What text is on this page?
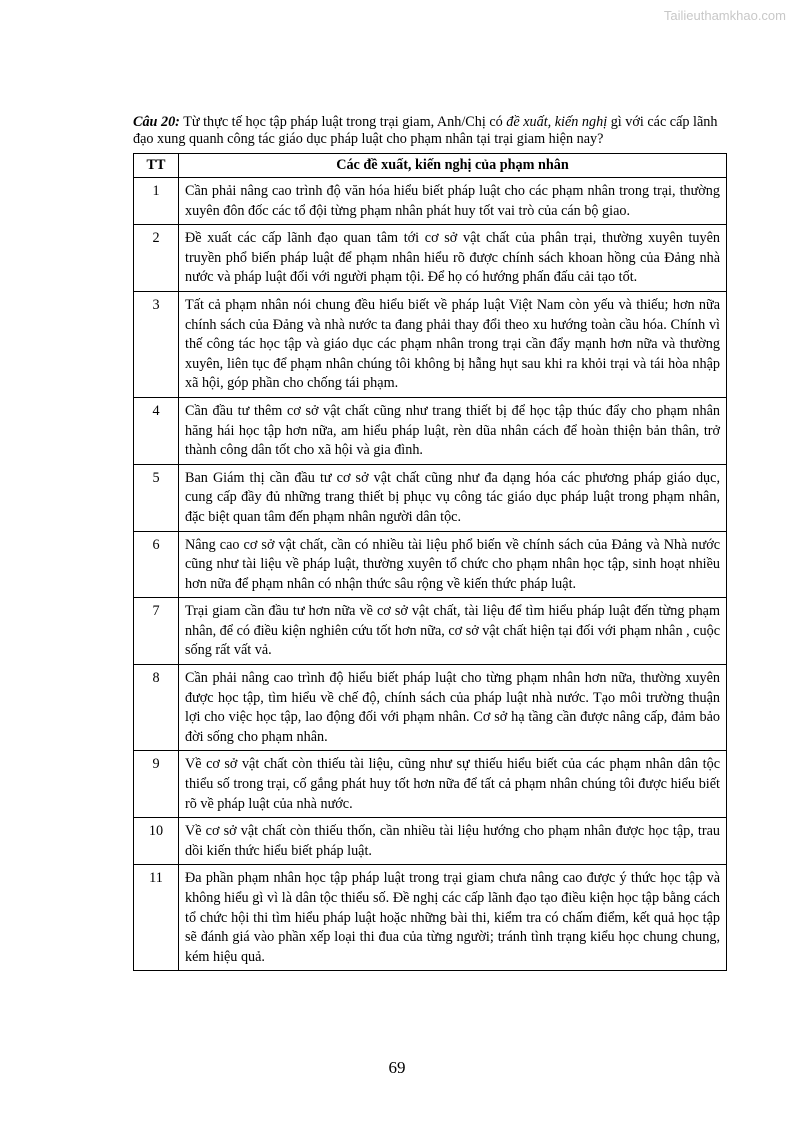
Tailieuthamkhao.com

Câu 20: Từ thực tế học tập pháp luật trong trại giam, Anh/Chị có đề xuất, kiến nghị gì với các cấp lãnh đạo xung quanh công tác giáo dục pháp luật cho phạm nhân tại trại giam hiện nay?

TT	Các đề xuất, kiến nghị của phạm nhân
1	Cần phải nâng cao trình độ văn hóa hiểu biết pháp luật cho các phạm nhân trong trại, thường xuyên đôn đốc các tổ đội từng phạm nhân phát huy tốt vai trò của cán bộ giao.
2	Đề xuất các cấp lãnh đạo quan tâm tới cơ sở vật chất của phân trại, thường xuyên tuyên truyền phổ biến pháp luật để phạm nhân hiểu rõ được chính sách khoan hồng của Đảng nhà nước và pháp luật đối với người phạm tội. Để họ có hướng phấn đấu cải tạo tốt.
3	Tất cả phạm nhân nói chung đều hiểu biết về pháp luật Việt Nam còn yếu và thiếu; hơn nữa chính sách của Đảng và nhà nước ta đang phải thay đổi theo xu hướng toàn cầu hóa. Chính vì thế công tác học tập và giáo dục các phạm nhân trong trại cần đẩy mạnh hơn nữa và thường xuyên, liên tục để phạm nhân chúng tôi không bị hẫng hụt sau khi ra khỏi trại và tái hòa nhập xã hội, góp phần cho chống tái phạm.
4	Cần đầu tư thêm cơ sở vật chất cũng như trang thiết bị để học tập thúc đẩy cho phạm nhân hăng hái học tập hơn nữa, am hiểu pháp luật, rèn dũa nhân cách để hoàn thiện bản thân, trở thành công dân tốt cho xã hội và gia đình.
5	Ban Giám thị cần đầu tư cơ sở vật chất cũng như đa dạng hóa các phương pháp giáo dục, cung cấp đầy đủ những trang thiết bị phục vụ công tác giáo dục pháp luật trong phạm nhân, đặc biệt quan tâm đến phạm nhân người dân tộc.
6	Nâng cao cơ sở vật chất, cần có nhiều tài liệu phổ biến về chính sách của Đảng và Nhà nước cũng như tài liệu về pháp luật, thường xuyên tổ chức cho phạm nhân học tập, sinh hoạt nhiều hơn nữa để phạm nhân có nhận thức sâu rộng về kiến thức pháp luật.
7	Trại giam cần đầu tư hơn nữa về cơ sở vật chất, tài liệu để tìm hiểu pháp luật đến từng phạm nhân, để có điều kiện nghiên cứu tốt hơn nữa, cơ sở vật chất hiện tại đối với phạm nhân , cuộc sống rất vất vả.
8	Cần phải nâng cao trình độ hiểu biết pháp luật cho từng phạm nhân hơn nữa, thường xuyên được học tập, tìm hiểu về chế độ, chính sách của pháp luật nhà nước. Tạo môi trường thuận lợi cho việc học tập, lao động đối với phạm nhân. Cơ sở hạ tầng cần được nâng cấp, đảm bảo đời sống cho phạm nhân.
9	Về cơ sở vật chất còn thiếu tài liệu, cũng như sự thiếu hiểu biết của các phạm nhân dân tộc thiểu số trong trại, cố gắng phát huy tốt hơn nữa để tất cả phạm nhân chúng tôi được hiểu biết rõ về pháp luật của nhà nước.
10	Về cơ sở vật chất còn thiếu thốn, cần nhiều tài liệu hướng cho phạm nhân được học tập, trau dồi kiến thức hiểu biết pháp luật.
11	Đa phần phạm nhân học tập pháp luật trong trại giam chưa nâng cao được ý thức học tập và không hiểu gì vì là dân tộc thiểu số. Đề nghị các cấp lãnh đạo tạo điều kiện học tập bằng cách tổ chức hội thi tìm hiểu pháp luật hoặc những bài thi, kiểm tra có chấm điểm, kết quả học tập sẽ đánh giá vào phần xếp loại thi đua của từng người; tránh tình trạng kiểu học chung chung, kém hiệu quả.
69
